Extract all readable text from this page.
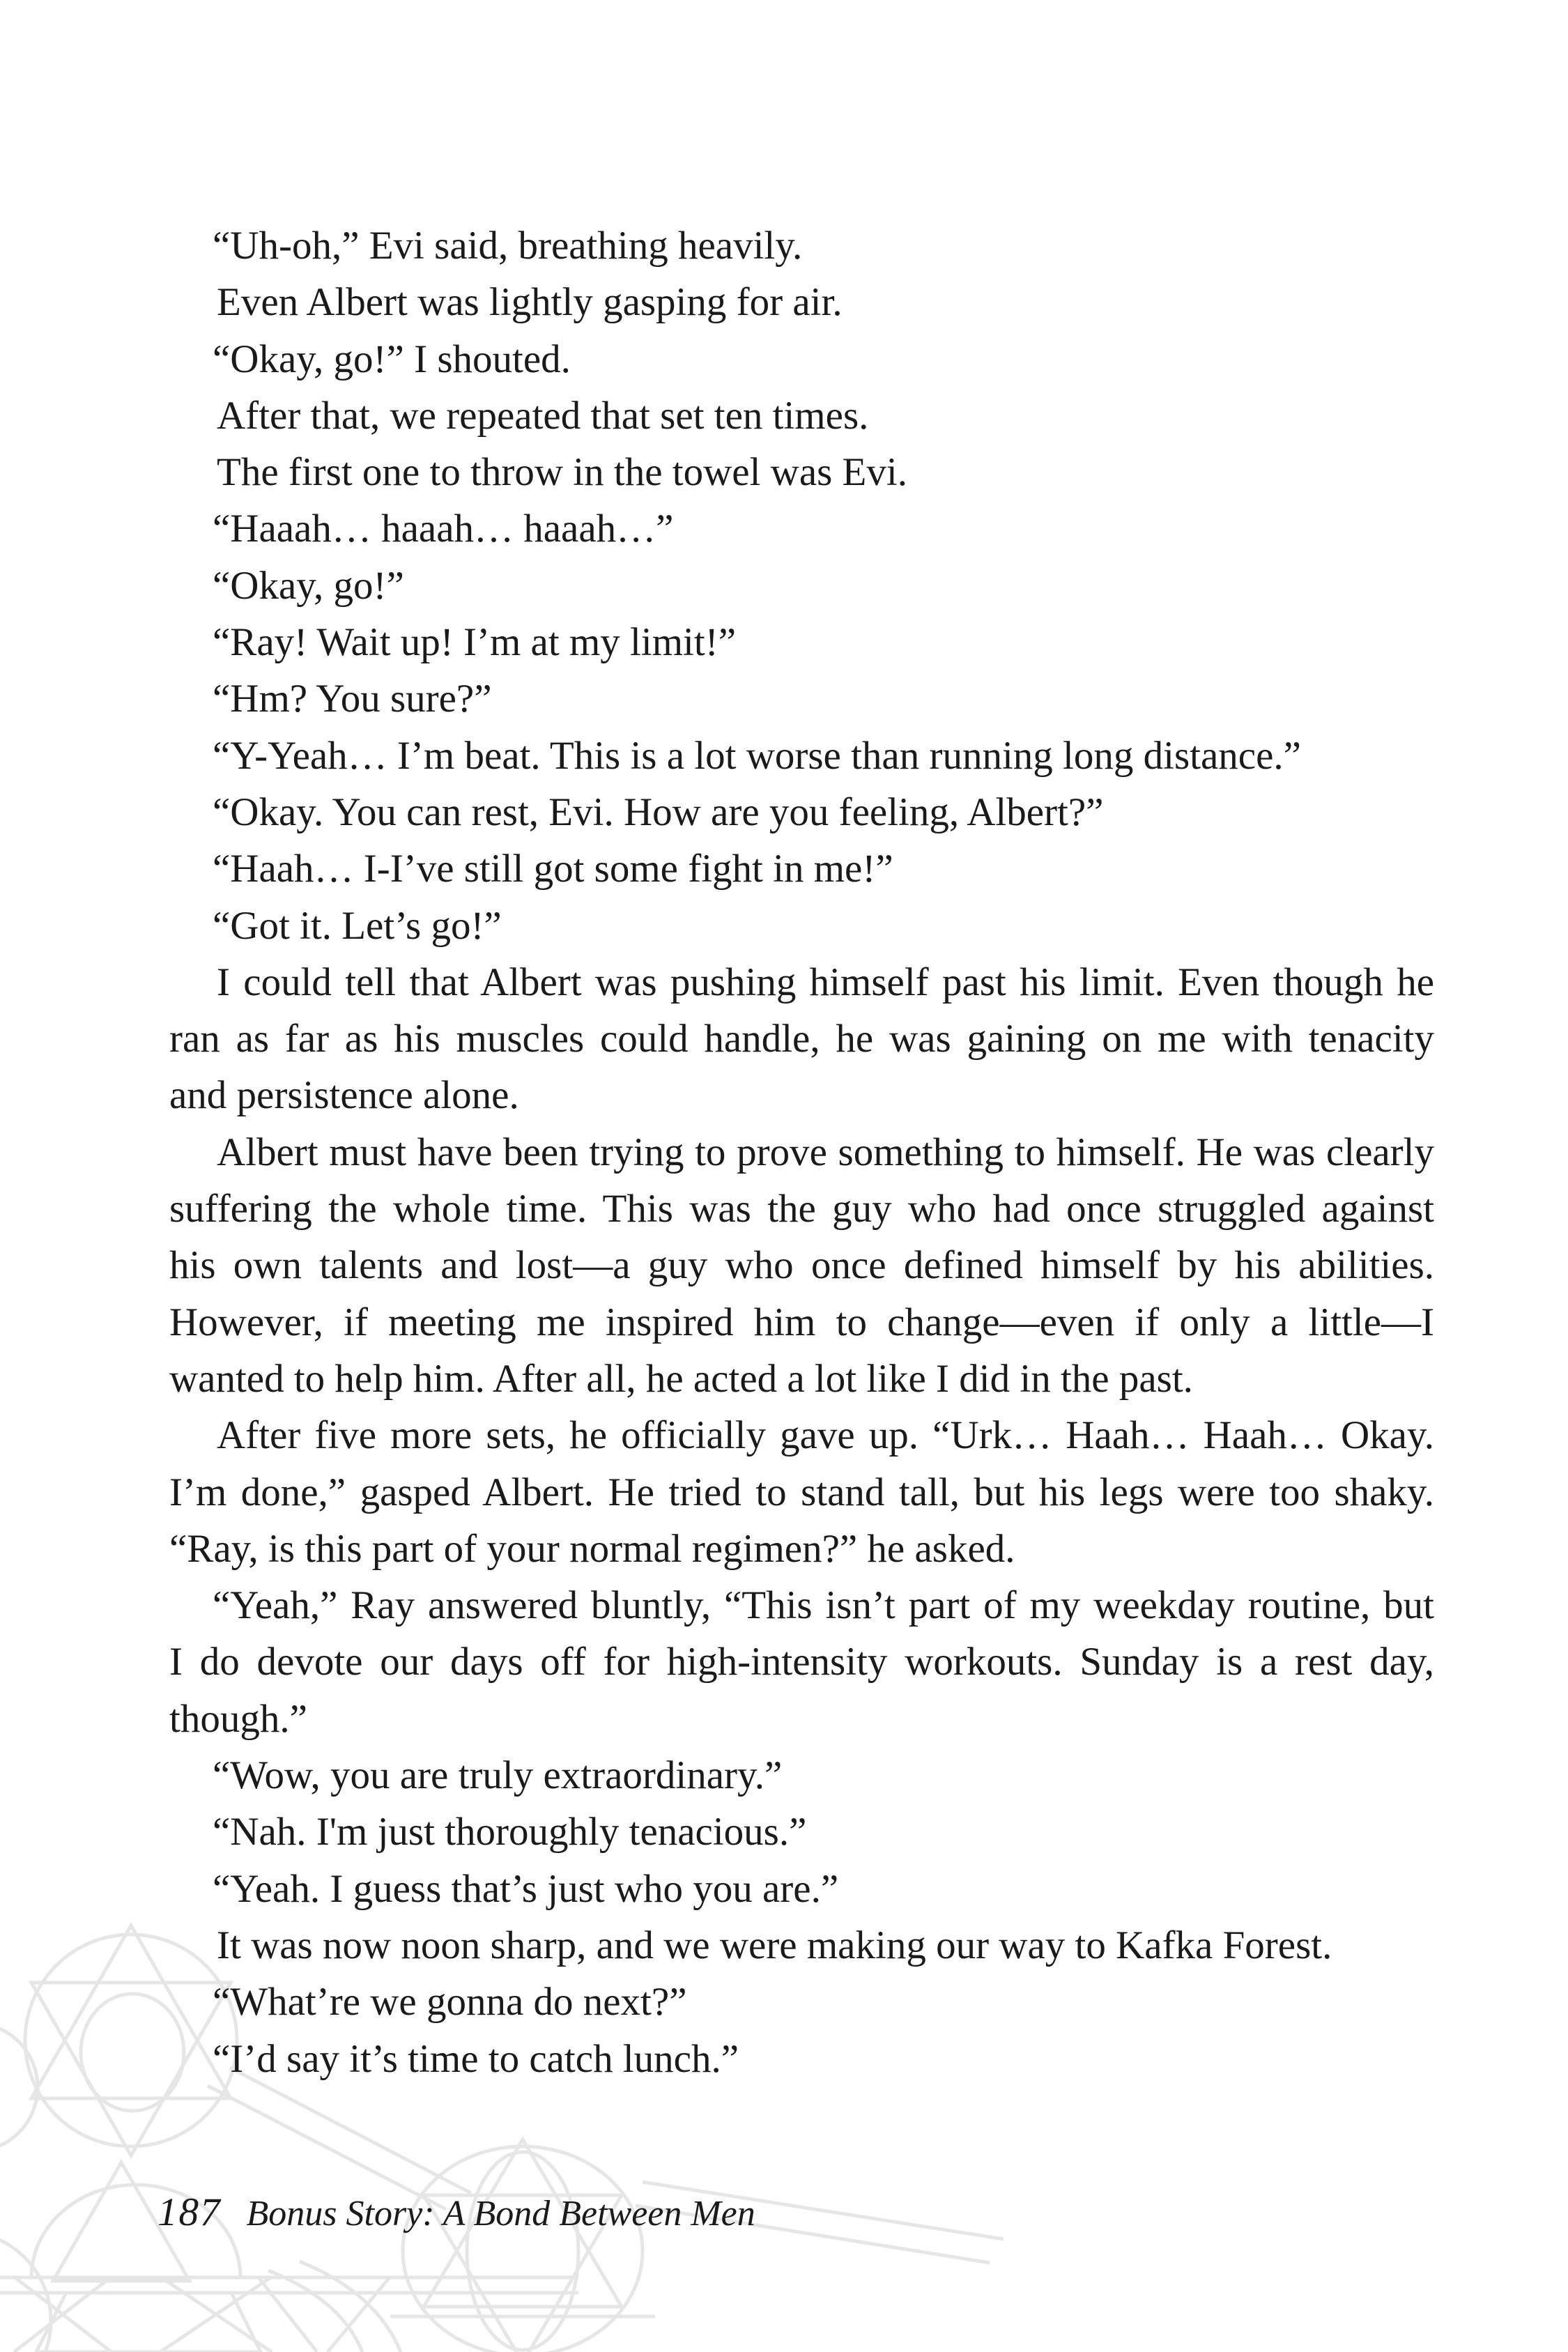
“Uh-oh,” Evi said, breathing heavily.
Even Albert was lightly gasping for air.
“Okay, go!” I shouted.
After that, we repeated that set ten times.
The first one to throw in the towel was Evi.
“Haaah… haaah… haaah…”
“Okay, go!”
“Ray! Wait up! I’m at my limit!”
“Hm? You sure?”
“Y-Yeah… I’m beat. This is a lot worse than running long distance.”
“Okay. You can rest, Evi. How are you feeling, Albert?”
“Haah… I-I’ve still got some fight in me!”
“Got it. Let’s go!”
I could tell that Albert was pushing himself past his limit. Even though he
ran as far as his muscles could handle, he was gaining on me with tenacity
and persistence alone.
Albert must have been trying to prove something to himself. He was clearly
suffering the whole time. This was the guy who had once struggled against
his own talents and lost—a guy who once defined himself by his abilities.
However, if meeting me inspired him to change—even if only a little—I
wanted to help him. After all, he acted a lot like I did in the past.
After five more sets, he officially gave up. “Urk… Haah… Haah… Okay.
I’m done,” gasped Albert. He tried to stand tall, but his legs were too shaky.
“Ray, is this part of your normal regimen?” he asked.
“Yeah,” Ray answered bluntly, “This isn’t part of my weekday routine, but
I do devote our days off for high-intensity workouts. Sunday is a rest day,
though.”
“Wow, you are truly extraordinary.”
“Nah. I'm just thoroughly tenacious.”
“Yeah. I guess that’s just who you are.”
It was now noon sharp, and we were making our way to Kafka Forest.
“What’re we gonna do next?”
“I’d say it’s time to catch lunch.”
187 Bonus Story: A Bond Between Men
